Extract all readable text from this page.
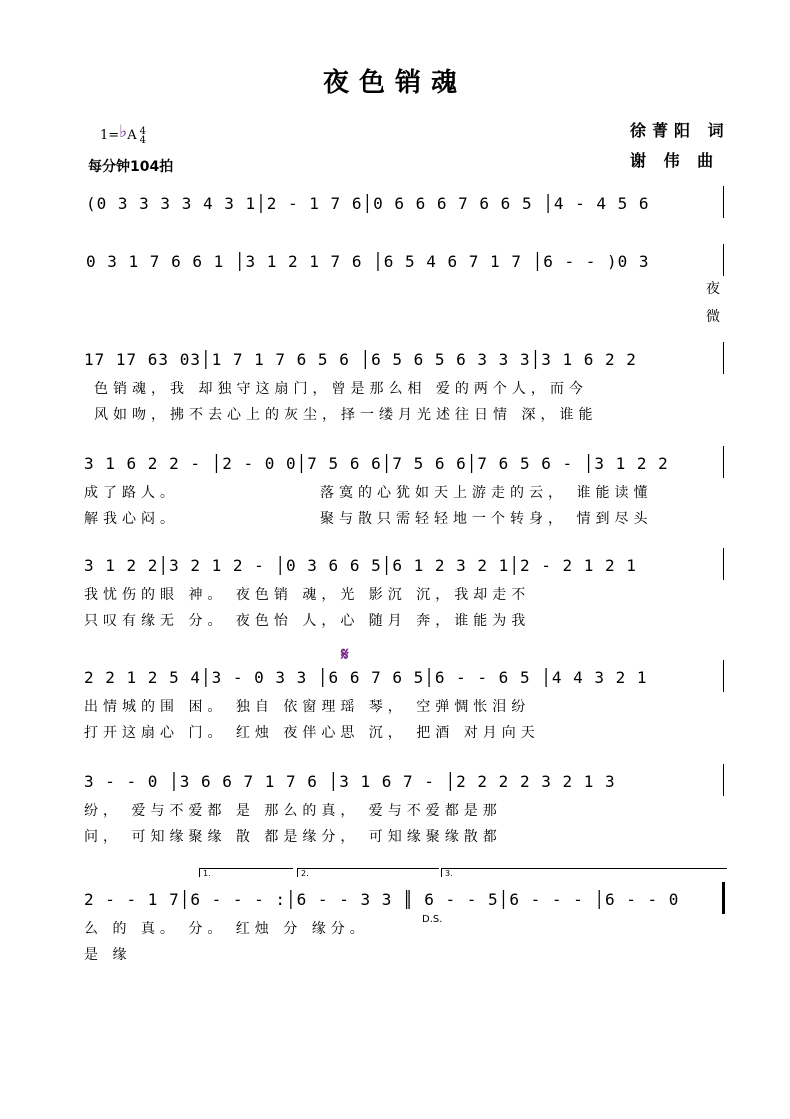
夜色销魂
1=♭A 4
4
每分钟104拍
徐菁阳 词
谢 伟 曲
(0 3 3 3 3 4 3 1│2 - 1 7 6│0 6 6 6 7 6 6 5 │4 - 4 5 6
0 3 1 7 6 6 1 │3 1 2 1 7 6 │6 5 4 6 7 1 7 │6 - - )0 3
夜
微
17 17 63 03│1 7 1 7 6 5 6 │6 5 6 5 6 3 3 3│3 1 6 2 2
色销魂，我 却独守这扇门，曾是那么相 爱的两个人，而今
风如吻，拂不去心上的灰尘，择一缕月光述往日情 深，谁能
3 1 6 2 2 - │2 - 0 0│7 5 6 6│7 5 6 6│7 6 5 6 - │3 1 2 2
成了路人。	落寞的心犹如天上游走的云， 谁能读懂
解我心闷。	聚与散只需轻轻地一个转身， 情到尽头
3 1 2 2│3 2 1 2 - │0 3 6 6 5│6 1 2 3 2 1│2 - 2 1 2 1
我忧伤的眼 神。 夜色销 魂，光 影沉 沉，我却走不
只叹有缘无 分。 夜色怡 人，心 随月 奔，谁能为我
𝄋
2 2 1 2 5 4│3 - 0 3 3 │6 6 7 6 5│6 - - 6 5 │4 4 3 2 1
出情城的围 困。 独自 依窗理瑶 琴， 空弹惆怅泪纷
打开这扇心 门。 红烛 夜伴心思 沉， 把酒 对月向天
3 - - 0 │3 6 6 7 1 7 6 │3 1 6 7 - │2 2 2 2 3 2 1 3
纷， 爱与不爱都 是 那么的真， 爱与不爱都是那
问， 可知缘聚缘 散 都是缘分， 可知缘聚缘散都
1.	2.	3.
2 - - 1 7│6 - - - :│6 - - 3 3 ║ 6 - - 5│6 - - - │6 - - 0
么 的 真。 分。 红烛 分 缘分。
D.S.
是 缘
